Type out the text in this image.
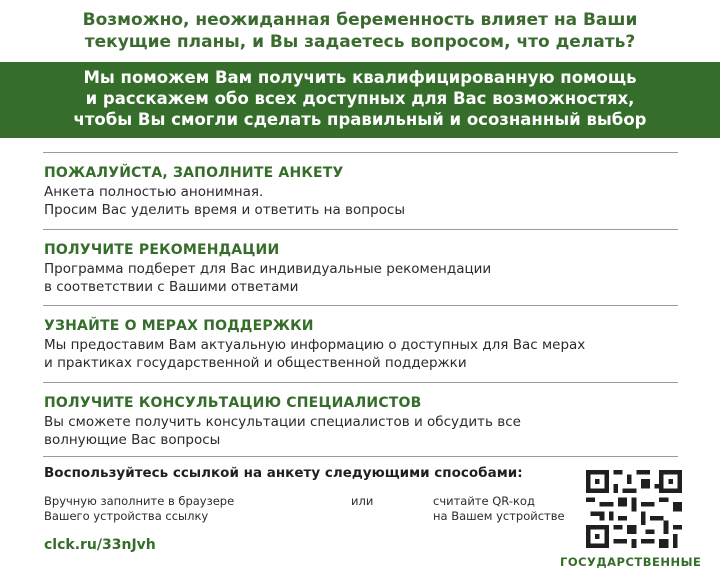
Возможно, неожиданная беременность влияет на Ваши
текущие планы, и Вы задаетесь вопросом, что делать?
Мы поможем Вам получить квалифицированную помощь
и расскажем обо всех доступных для Вас возможностях,
чтобы Вы смогли сделать правильный и осознанный выбор
ПОЖАЛУЙСТА, ЗАПОЛНИТЕ АНКЕТУ
Анкета полностью анонимная.
Просим Вас уделить время и ответить на вопросы
ПОЛУЧИТЕ РЕКОМЕНДАЦИИ
Программа подберет для Вас индивидуальные рекомендации
в соответствии с Вашими ответами
УЗНАЙТЕ О МЕРАХ ПОДДЕРЖКИ
Мы предоставим Вам актуальную информацию о доступных для Вас мерах
и практиках государственной и общественной поддержки
ПОЛУЧИТЕ КОНСУЛЬТАЦИЮ СПЕЦИАЛИСТОВ
Вы сможете получить консультации специалистов и обсудить все
волнующие Вас вопросы
Воспользуйтесь ссылкой на анкету следующими способами:
Вручную заполните в браузере
Вашего устройства ссылку
или	считайте QR-код
на Вашем устройстве
clck.ru/33nJvh
ГОСУДАРСТВЕННЫЕ
